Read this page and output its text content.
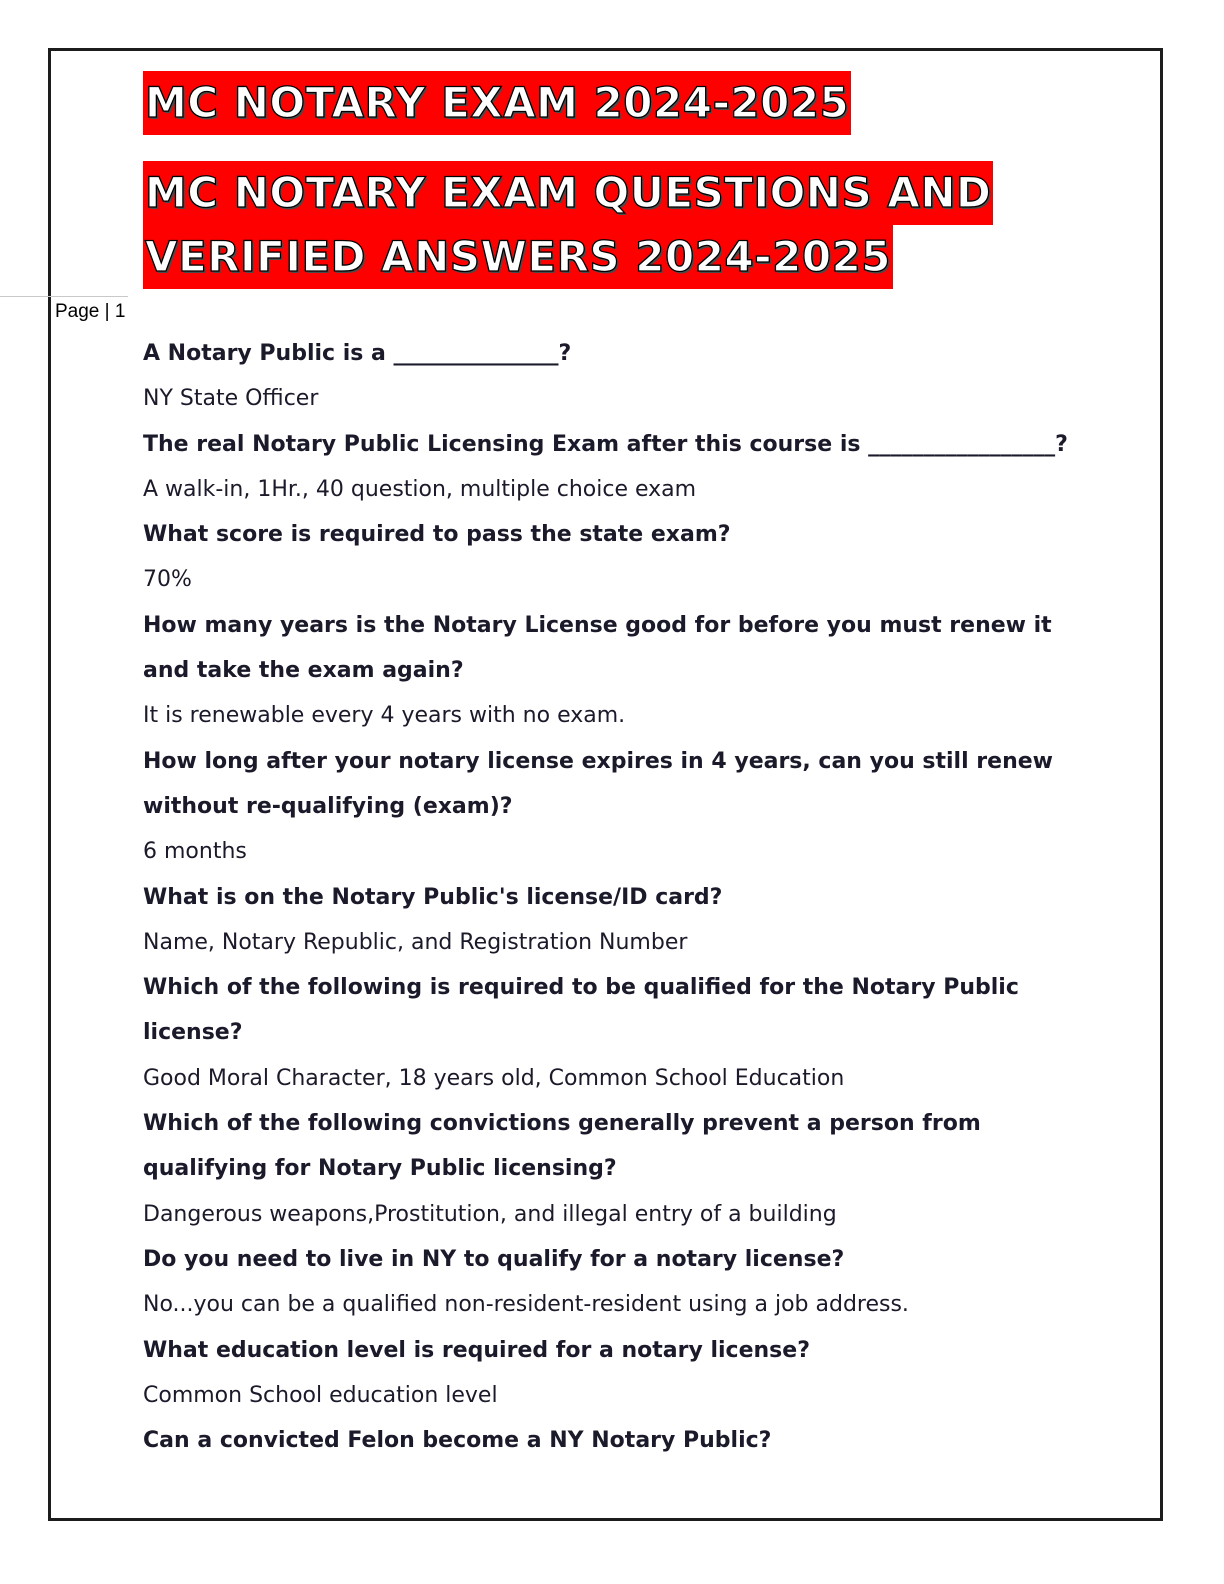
MC NOTARY EXAM 2024-2025
MC NOTARY EXAM QUESTIONS AND
VERIFIED ANSWERS 2024-2025
Page | 1
A Notary Public is a _______________?
NY State Officer
The real Notary Public Licensing Exam after this course is _________________?
A walk-in, 1Hr., 40 question, multiple choice exam
What score is required to pass the state exam?
70%
How many years is the Notary License good for before you must renew it and take the exam again?
It is renewable every 4 years with no exam.
How long after your notary license expires in 4 years, can you still renew without re-qualifying (exam)?
6 months
What is on the Notary Public's license/ID card?
Name, Notary Republic, and Registration Number
Which of the following is required to be qualified for the Notary Public license?
Good Moral Character, 18 years old, Common School Education
Which of the following convictions generally prevent a person from qualifying for Notary Public licensing?
Dangerous weapons,Prostitution, and illegal entry of a building
Do you need to live in NY to qualify for a notary license?
No...you can be a qualified non-resident-resident using a job address.
What education level is required for a notary license?
Common School education level
Can a convicted Felon become a NY Notary Public?
